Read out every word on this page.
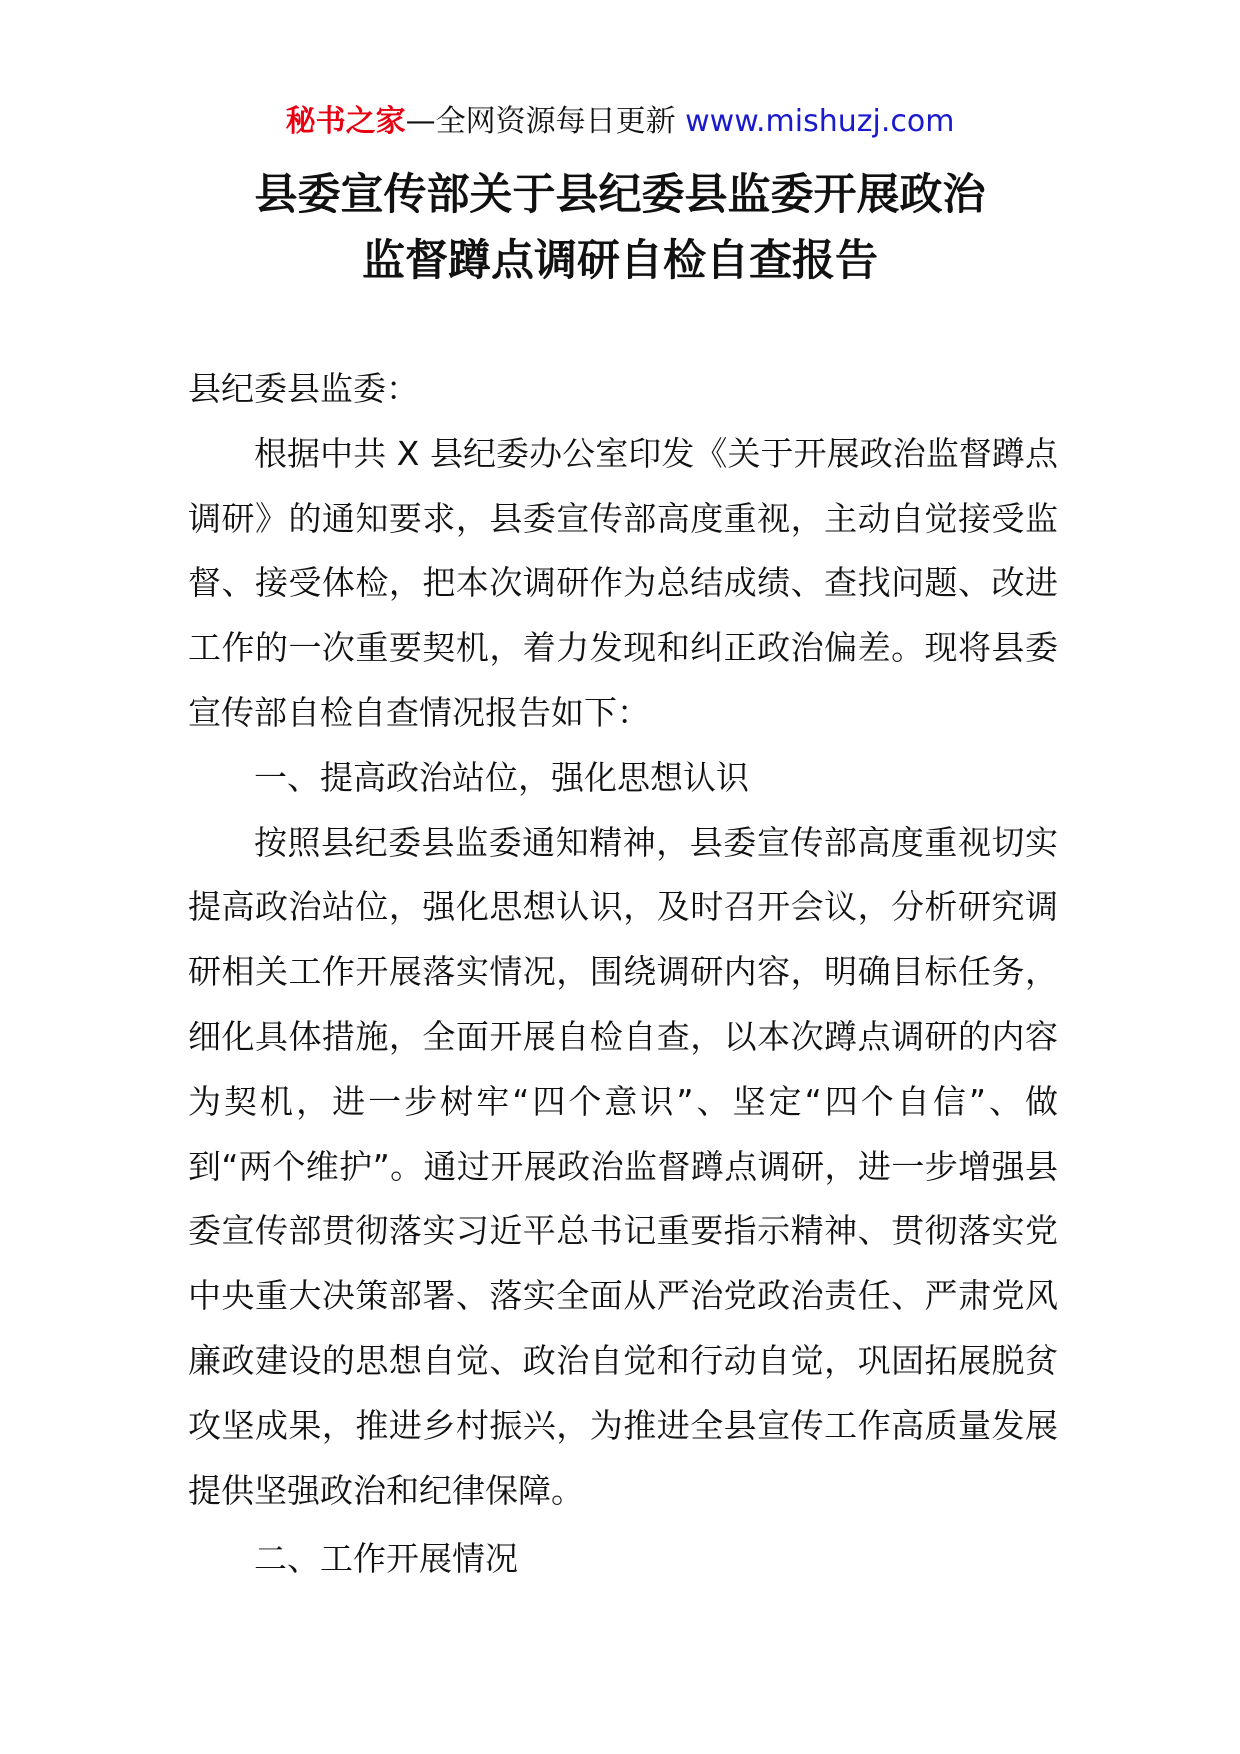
秘书之家—全网资源每日更新 www.mishuzj.com
县委宣传部关于县纪委县监委开展政治
监督蹲点调研自检自查报告

县纪委县监委：

根据中共 X 县纪委办公室印发《关于开展政治监督蹲点调研》的通知要求，县委宣传部高度重视，主动自觉接受监督、接受体检，把本次调研作为总结成绩、查找问题、改进工作的一次重要契机，着力发现和纠正政治偏差。现将县委宣传部自检自查情况报告如下：

一、提高政治站位，强化思想认识

按照县纪委县监委通知精神，县委宣传部高度重视切实提高政治站位，强化思想认识，及时召开会议，分析研究调研相关工作开展落实情况，围绕调研内容，明确目标任务，细化具体措施，全面开展自检自查，以本次蹲点调研的内容为契机，进一步树牢“四个意识”、坚定“四个自信”、做到“两个维护”。通过开展政治监督蹲点调研，进一步增强县委宣传部贯彻落实习近平总书记重要指示精神、贯彻落实党中央重大决策部署、落实全面从严治党政治责任、严肃党风廉政建设的思想自觉、政治自觉和行动自觉，巩固拓展脱贫攻坚成果，推进乡村振兴，为推进全县宣传工作高质量发展提供坚强政治和纪律保障。

二、工作开展情况
